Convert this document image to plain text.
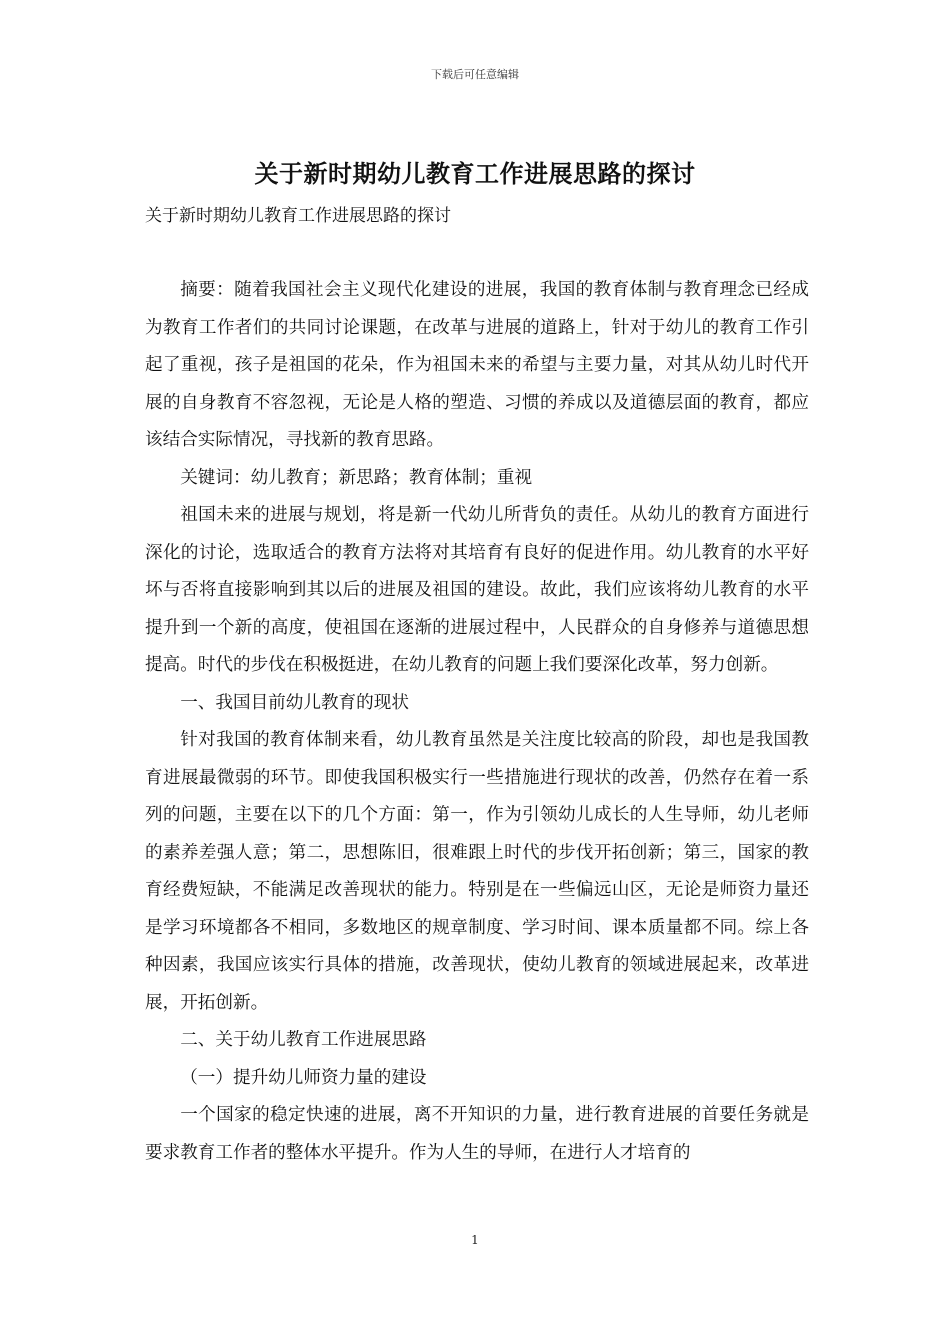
下载后可任意编辑
关于新时期幼儿教育工作进展思路的探讨
关于新时期幼儿教育工作进展思路的探讨

摘要：随着我国社会主义现代化建设的进展，我国的教育体制与教育理念已经成为教育工作者们的共同讨论课题，在改革与进展的道路上，针对于幼儿的教育工作引起了重视，孩子是祖国的花朵，作为祖国未来的希望与主要力量，对其从幼儿时代开展的自身教育不容忽视，无论是人格的塑造、习惯的养成以及道德层面的教育，都应该结合实际情况，寻找新的教育思路。

关键词：幼儿教育；新思路；教育体制；重视

祖国未来的进展与规划，将是新一代幼儿所背负的责任。从幼儿的教育方面进行深化的讨论，选取适合的教育方法将对其培育有良好的促进作用。幼儿教育的水平好坏与否将直接影响到其以后的进展及祖国的建设。故此，我们应该将幼儿教育的水平提升到一个新的高度，使祖国在逐渐的进展过程中，人民群众的自身修养与道德思想提高。时代的步伐在积极挺进，在幼儿教育的问题上我们要深化改革，努力创新。

一、我国目前幼儿教育的现状

针对我国的教育体制来看，幼儿教育虽然是关注度比较高的阶段，却也是我国教育进展最微弱的环节。即使我国积极实行一些措施进行现状的改善，仍然存在着一系列的问题，主要在以下的几个方面：第一，作为引领幼儿成长的人生导师，幼儿老师的素养差强人意；第二，思想陈旧，很难跟上时代的步伐开拓创新；第三，国家的教育经费短缺，不能满足改善现状的能力。特别是在一些偏远山区，无论是师资力量还是学习环境都各不相同，多数地区的规章制度、学习时间、课本质量都不同。综上各种因素，我国应该实行具体的措施，改善现状，使幼儿教育的领域进展起来，改革进展，开拓创新。

二、关于幼儿教育工作进展思路

（一）提升幼儿师资力量的建设

一个国家的稳定快速的进展，离不开知识的力量，进行教育进展的首要任务就是要求教育工作者的整体水平提升。作为人生的导师，在进行人才培育的

1
